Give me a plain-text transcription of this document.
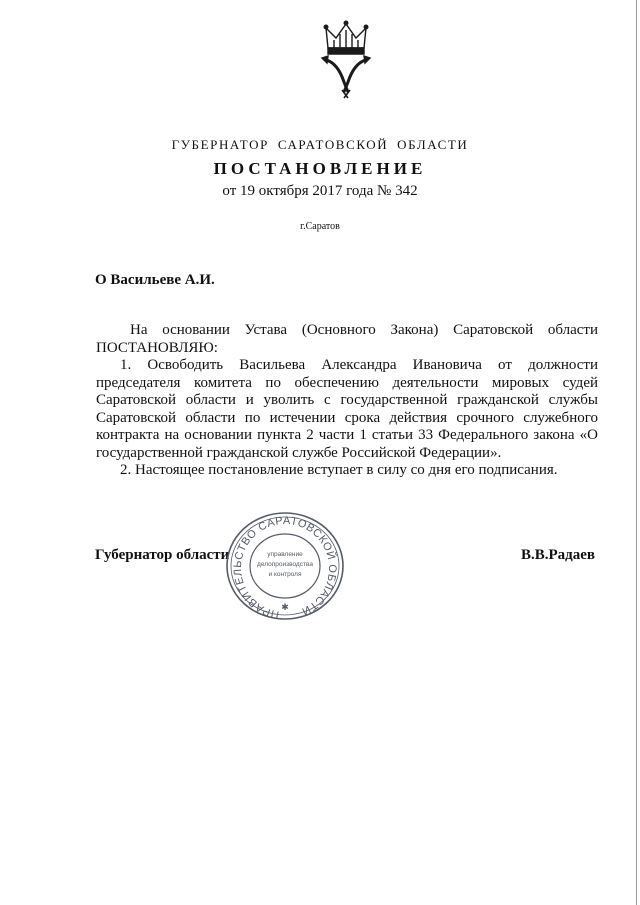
ГУБЕРНАТОР САРАТОВСКОЙ ОБЛАСТИ
ПОСТАНОВЛЕНИЕ
от 19 октября 2017 года № 342
г.Саратов
О Васильеве А.И.

На основании Устава (Основного Закона) Саратовской области ПОСТАНОВЛЯЮ:

1. Освободить Васильева Александра Ивановича от должности председателя комитета по обеспечению деятельности мировых судей Саратовской области и уволить с государственной гражданской службы Саратовской области по истечении срока действия срочного служебного контракта на основании пункта 2 части 1 статьи 33 Федерального закона «О государственной гражданской службе Российской Федерации».

2. Настоящее постановление вступает в силу со дня его подписания.

Губернатор области	В.В.Радаев
ПРАВИТЕЛЬСТВО САРАТОВСКОЙ ОБЛАСТИ
управление
делопроизводства
и контроля
✱
